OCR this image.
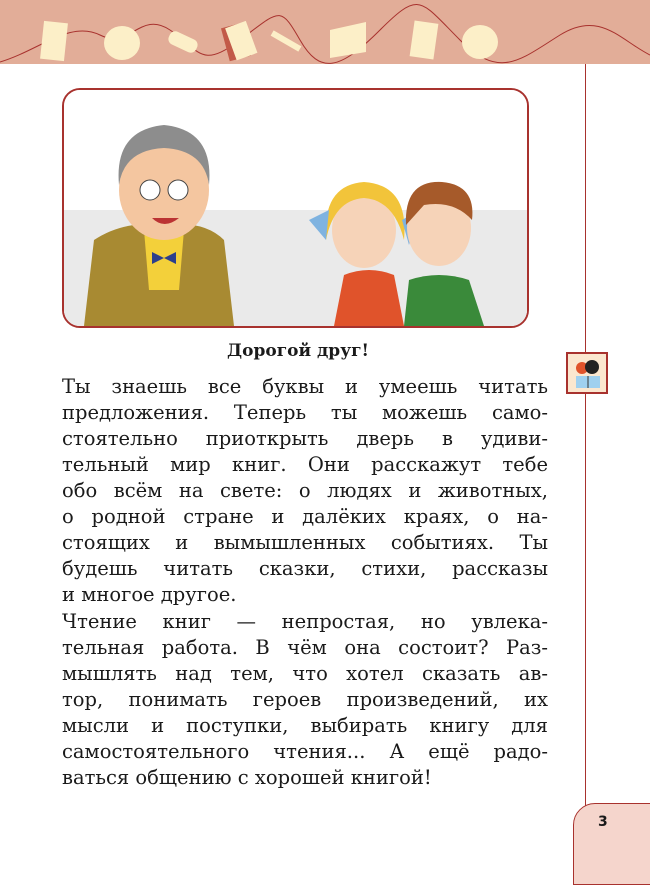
Дорогой друг!
Ты знаешь все буквы и умеешь читать
предложения. Теперь ты можешь само-
стоятельно приоткрыть дверь в удиви-
тельный мир книг. Они расскажут тебе
обо всём на свете: о людях и животных,
о родной стране и далёких краях, о на-
стоящих и вымышленных событиях. Ты
будешь читать сказки, стихи, рассказы
и многое другое.
Чтение книг — непростая, но увлека-
тельная работа. В чём она состоит? Раз-
мышлять над тем, что хотел сказать ав-
тор, понимать героев произведений, их
мысли и поступки, выбирать книгу для
самостоятельного чтения... А ещё радо-
ваться общению с хорошей книгой!
3
